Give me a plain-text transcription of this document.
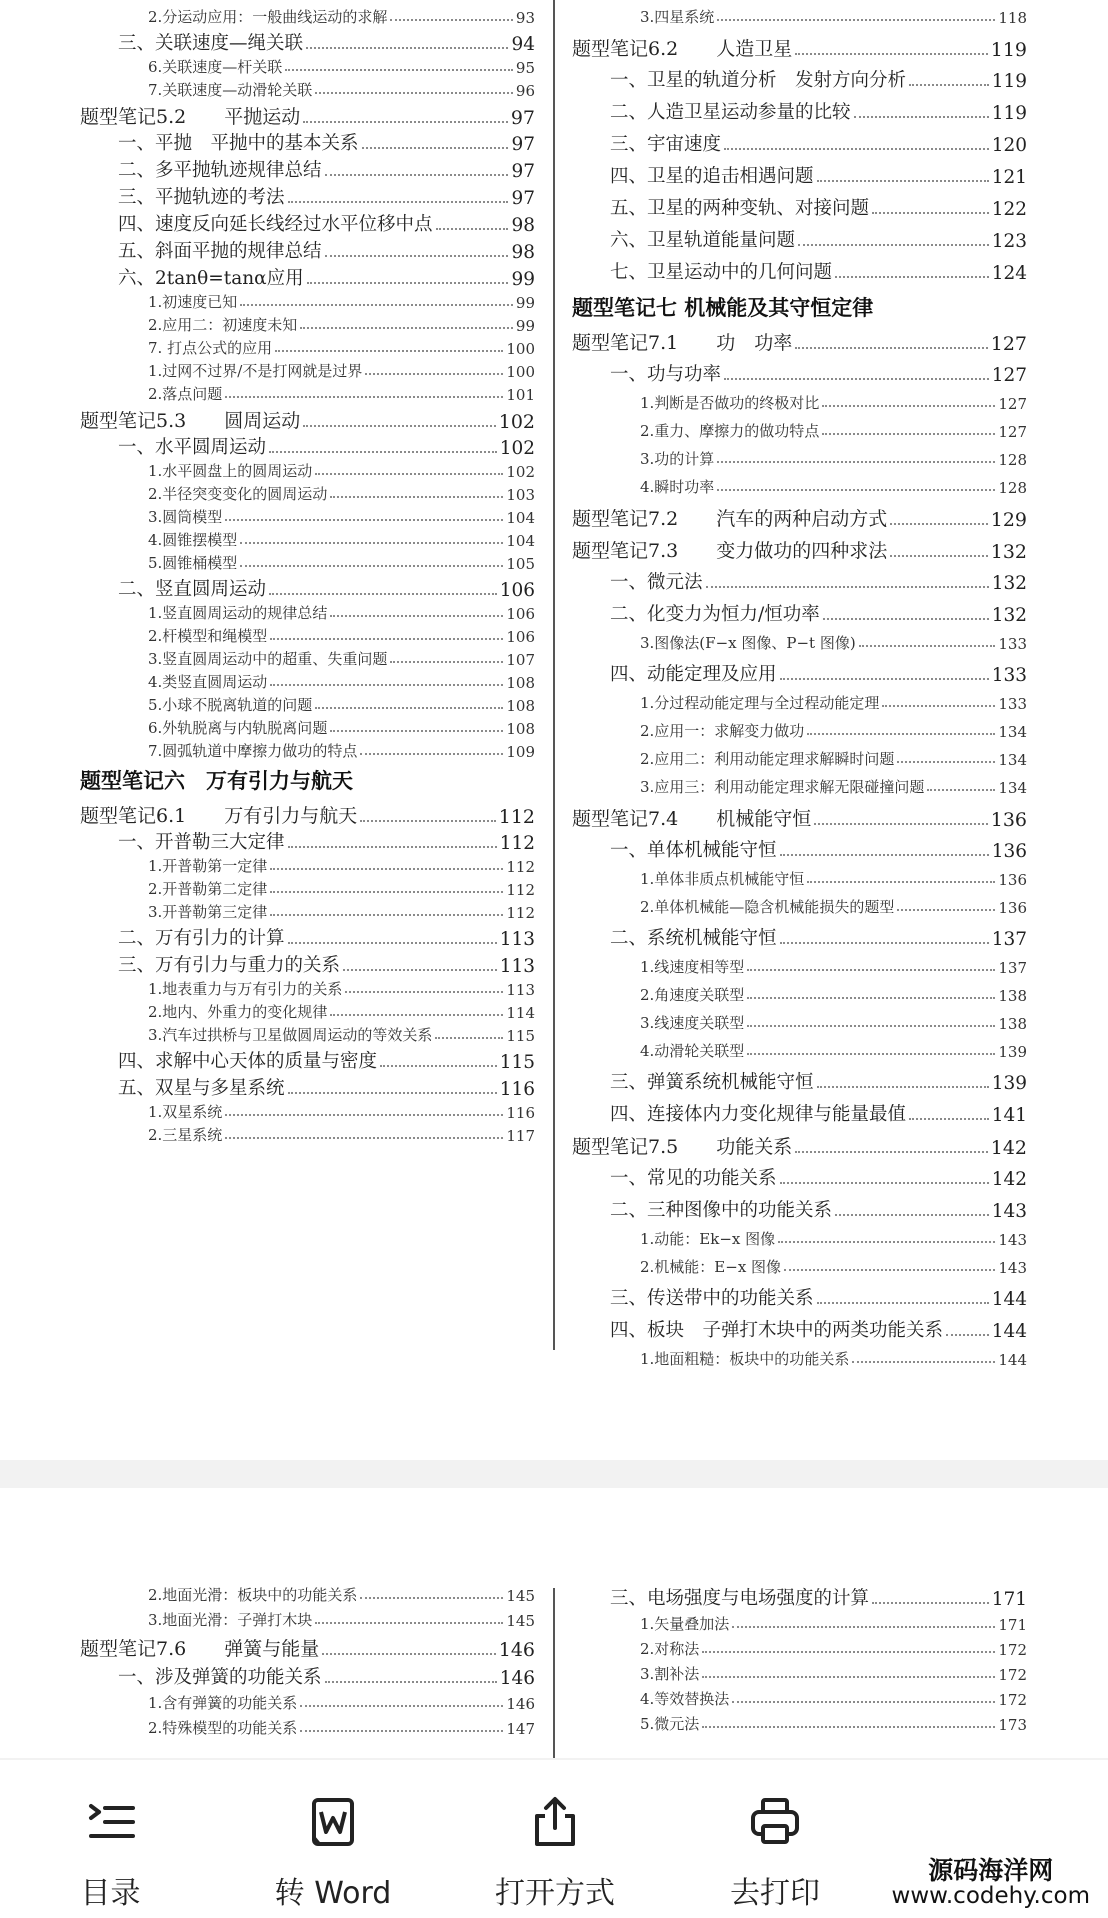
2.分运动应用：一般曲线运动的求解	93
三、关联速度—绳关联	94
6.关联速度—杆关联	95
7.关联速度—动滑轮关联	96
题型笔记5.2　　平抛运动	97
一、平抛　平抛中的基本关系	97
二、多平抛轨迹规律总结	97
三、平抛轨迹的考法	97
四、速度反向延长线经过水平位移中点	98
五、斜面平抛的规律总结	98
六、2tanθ=tanα应用	99
1.初速度已知	99
2.应用二：初速度未知	99
7. 打点公式的应用	100
1.过网不过界/不是打网就是过界	100
2.落点问题	101
题型笔记5.3　　圆周运动	102
一、水平圆周运动	102
1.水平圆盘上的圆周运动	102
2.半径突变变化的圆周运动	103
3.圆筒模型	104
4.圆锥摆模型	104
5.圆锥桶模型	105
二、竖直圆周运动	106
1.竖直圆周运动的规律总结	106
2.杆模型和绳模型	106
3.竖直圆周运动中的超重、失重问题	107
4.类竖直圆周运动	108
5.小球不脱离轨道的问题	108
6.外轨脱离与内轨脱离问题	108
7.圆弧轨道中摩擦力做功的特点	109
题型笔记六　万有引力与航天
题型笔记6.1　　万有引力与航天	112
一、开普勒三大定律	112
1.开普勒第一定律	112
2.开普勒第二定律	112
3.开普勒第三定律	112
二、万有引力的计算	113
三、万有引力与重力的关系	113
1.地表重力与万有引力的关系	113
2.地内、外重力的变化规律	114
3.汽车过拱桥与卫星做圆周运动的等效关系	115
四、求解中心天体的质量与密度	115
五、双星与多星系统	116
1.双星系统	116
2.三星系统	117
3.四星系统	118
题型笔记6.2　　人造卫星	119
一、卫星的轨道分析　发射方向分析	119
二、人造卫星运动参量的比较	119
三、宇宙速度	120
四、卫星的追击相遇问题	121
五、卫星的两种变轨、对接问题	122
六、卫星轨道能量问题	123
七、卫星运动中的几何问题	124
题型笔记七 机械能及其守恒定律
题型笔记7.1　　功　功率	127
一、功与功率	127
1.判断是否做功的终极对比	127
2.重力、摩擦力的做功特点	127
3.功的计算	128
4.瞬时功率	128
题型笔记7.2　　汽车的两种启动方式	129
题型笔记7.3　　变力做功的四种求法	132
一、微元法	132
二、化变力为恒力/恒功率	132
3.图像法(F−x 图像、P−t 图像)	133
四、动能定理及应用	133
1.分过程动能定理与全过程动能定理	133
2.应用一：求解变力做功	134
2.应用二：利用动能定理求解瞬时问题	134
3.应用三：利用动能定理求解无限碰撞问题	134
题型笔记7.4　　机械能守恒	136
一、单体机械能守恒	136
1.单体非质点机械能守恒	136
2.单体机械能—隐含机械能损失的题型	136
二、系统机械能守恒	137
1.线速度相等型	137
2.角速度关联型	138
3.线速度关联型	138
4.动滑轮关联型	139
三、弹簧系统机械能守恒	139
四、连接体内力变化规律与能量最值	141
题型笔记7.5　　功能关系	142
一、常见的功能关系	142
二、三种图像中的功能关系	143
1.动能：Ek−x 图像	143
2.机械能：E−x 图像	143
三、传送带中的功能关系	144
四、板块　子弹打木块中的两类功能关系	144
1.地面粗糙：板块中的功能关系	144
2.地面光滑：板块中的功能关系	145
3.地面光滑：子弹打木块	145
题型笔记7.6　　弹簧与能量	146
一、涉及弹簧的功能关系	146
1.含有弹簧的功能关系	146
2.特殊模型的功能关系	147
三、电场强度与电场强度的计算	171
1.矢量叠加法	171
2.对称法	172
3.割补法	172
4.等效替换法	172
5.微元法	173
目录	转 Word	打开方式	去打印
源码海洋网
www.codehy.com
